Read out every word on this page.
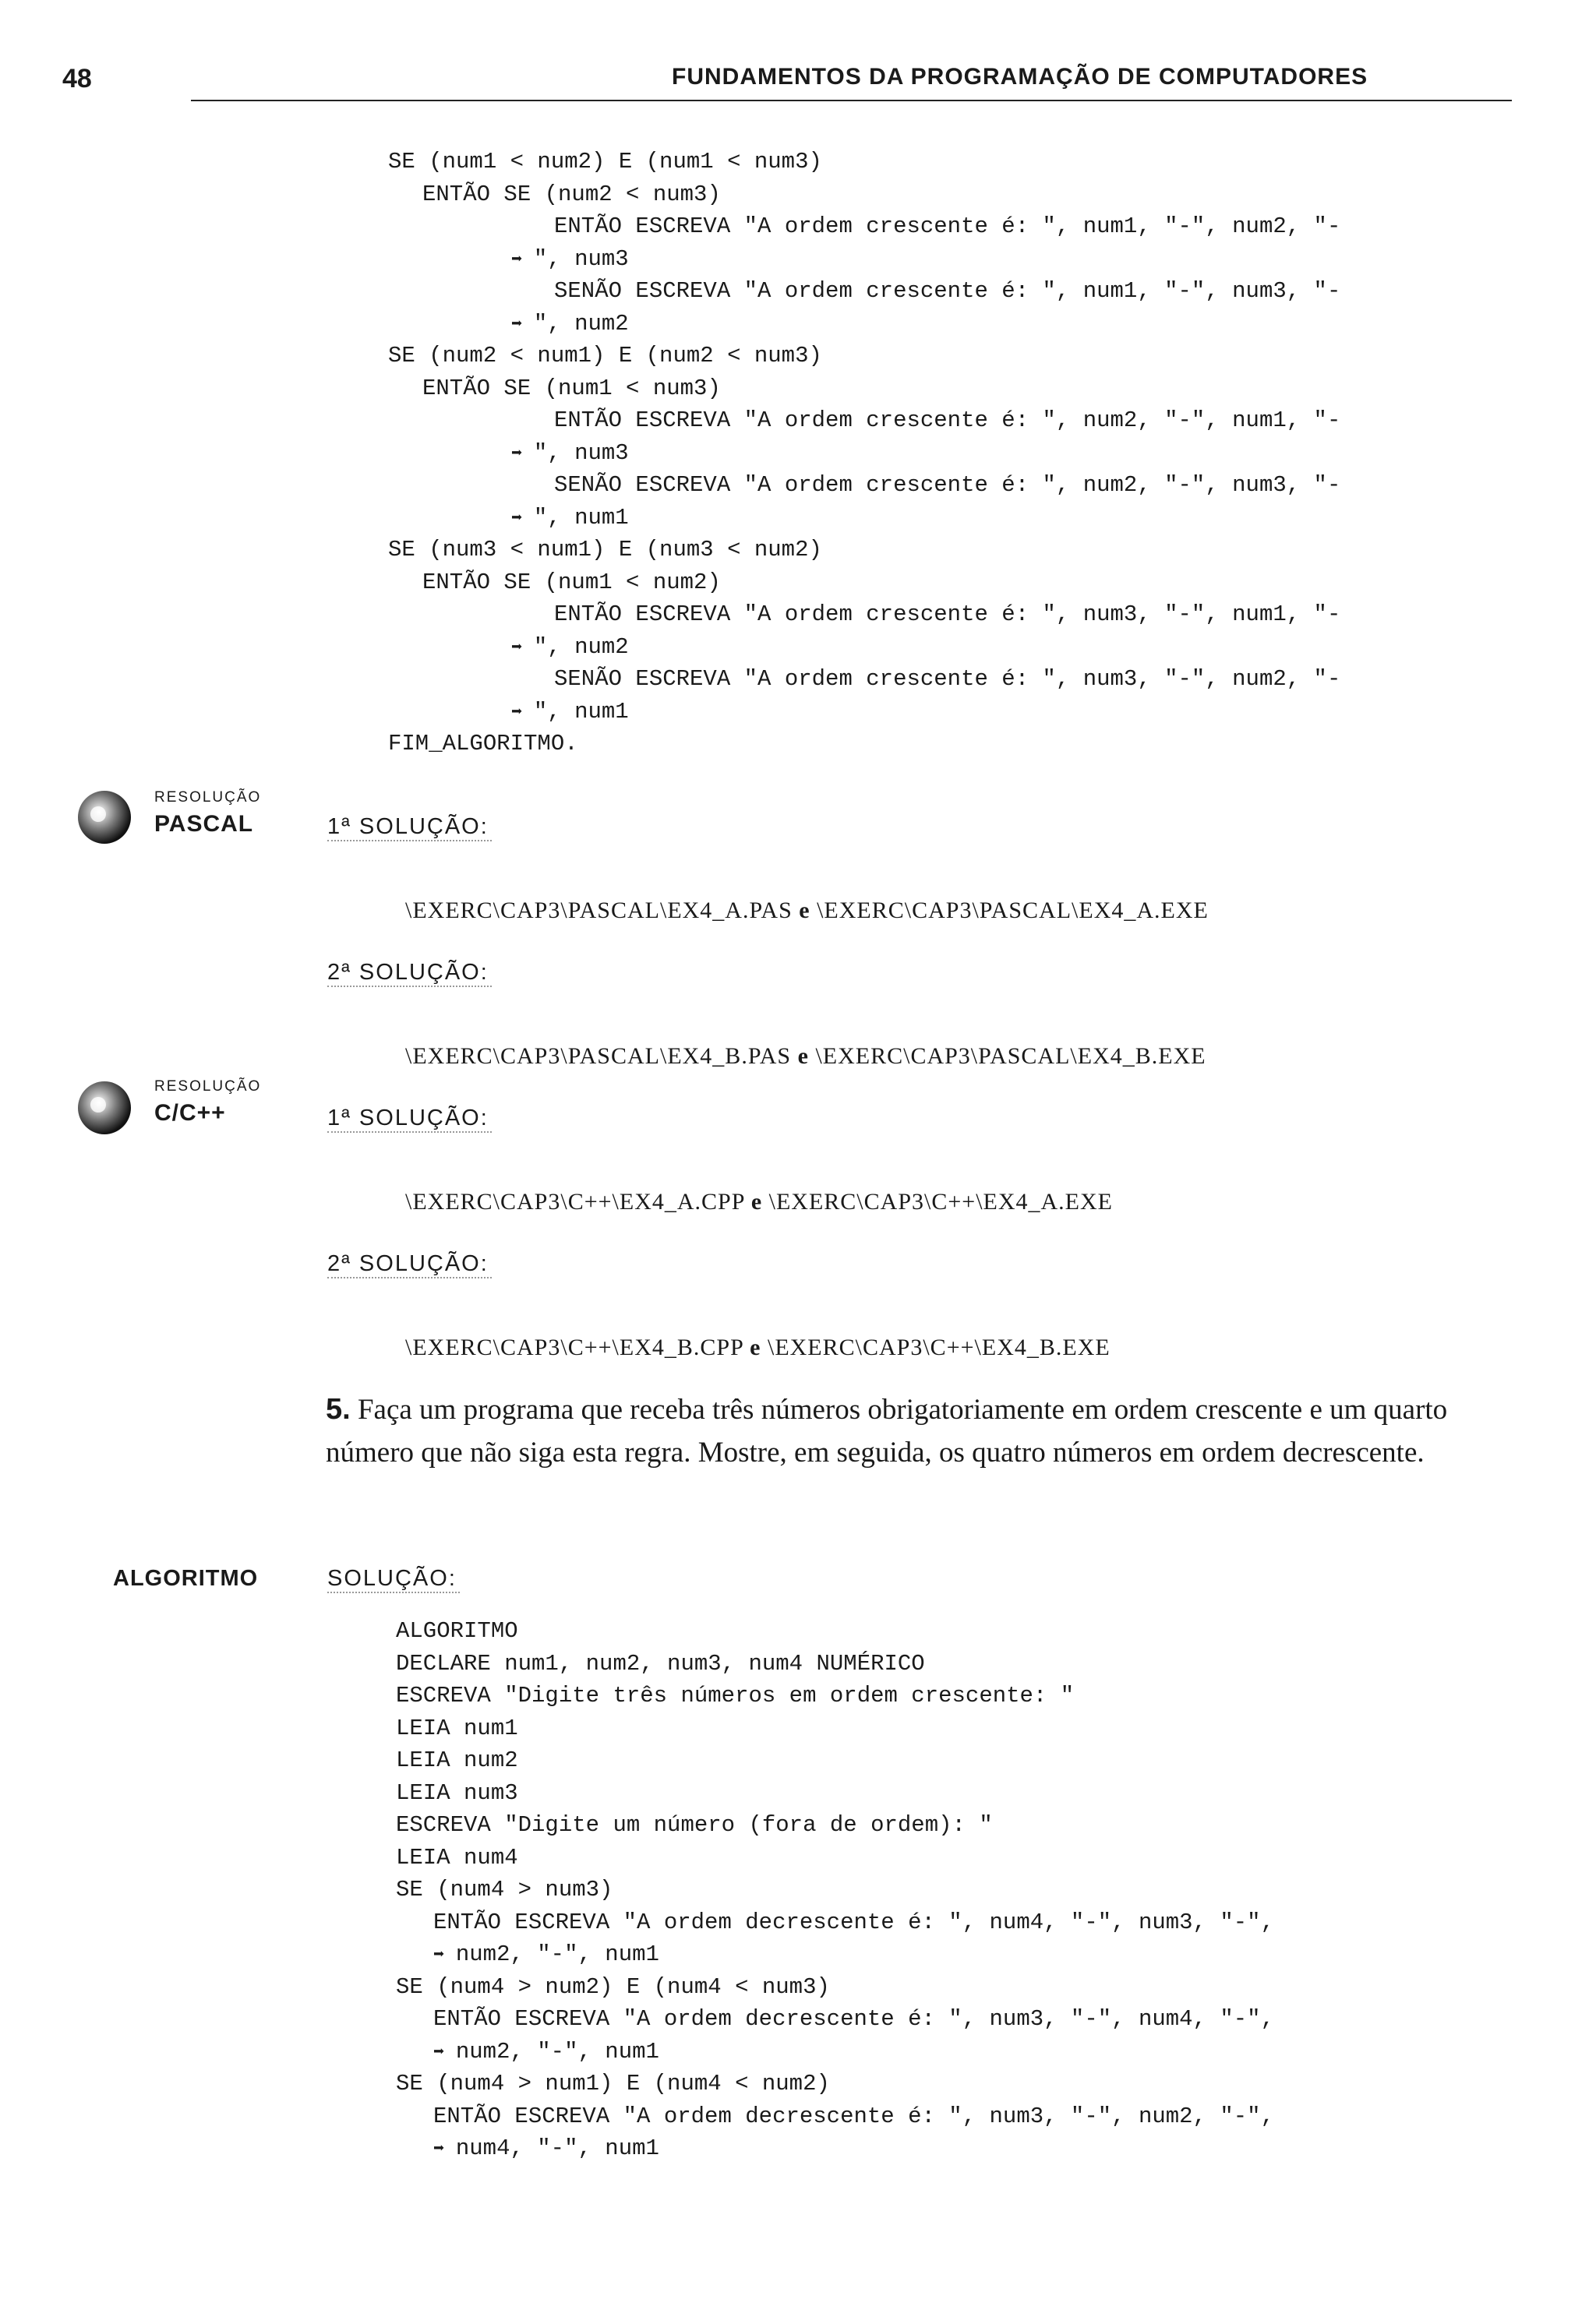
48	FUNDAMENTOS DA PROGRAMAÇÃO DE COMPUTADORES
SE (num1 < num2) E (num1 < num3)
ENTÃO SE (num2 < num3)
ENTÃO ESCREVA "A ordem crescente é: ", num1, "-", num2, "-
➡ ", num3
SENÃO ESCREVA "A ordem crescente é: ", num1, "-", num3, "-
➡ ", num2
SE (num2 < num1) E (num2 < num3)
ENTÃO SE (num1 < num3)
ENTÃO ESCREVA "A ordem crescente é: ", num2, "-", num1, "-
➡ ", num3
SENÃO ESCREVA "A ordem crescente é: ", num2, "-", num3, "-
➡ ", num1
SE (num3 < num1) E (num3 < num2)
ENTÃO SE (num1 < num2)
ENTÃO ESCREVA "A ordem crescente é: ", num3, "-", num1, "-
➡ ", num2
SENÃO ESCREVA "A ordem crescente é: ", num3, "-", num2, "-
➡ ", num1
FIM_ALGORITMO.

RESOLUÇÃO

PASCAL	1ª SOLUÇÃO:

\EXERC\CAP3\PASCAL\EX4_A.PAS e \EXERC\CAP3\PASCAL\EX4_A.EXE

2ª SOLUÇÃO:

\EXERC\CAP3\PASCAL\EX4_B.PAS e \EXERC\CAP3\PASCAL\EX4_B.EXE

RESOLUÇÃO

C/C++	1ª SOLUÇÃO:

\EXERC\CAP3\C++\EX4_A.CPP e \EXERC\CAP3\C++\EX4_A.EXE

2ª SOLUÇÃO:

\EXERC\CAP3\C++\EX4_B.CPP e \EXERC\CAP3\C++\EX4_B.EXE

5. Faça um programa que receba três números obrigatoriamente em ordem crescente e um quarto número que não siga esta regra. Mostre, em seguida, os quatro números em ordem decrescente.
ALGORITMO	SOLUÇÃO:
ALGORITMO
DECLARE num1, num2, num3, num4 NUMÉRICO
ESCREVA "Digite três números em ordem crescente: "
LEIA num1
LEIA num2
LEIA num3
ESCREVA "Digite um número (fora de ordem): "
LEIA num4
SE (num4 > num3)
ENTÃO ESCREVA "A ordem decrescente é: ", num4, "-", num3, "-",
➡ num2, "-", num1
SE (num4 > num2) E (num4 < num3)
ENTÃO ESCREVA "A ordem decrescente é: ", num3, "-", num4, "-",
➡ num2, "-", num1
SE (num4 > num1) E (num4 < num2)
ENTÃO ESCREVA "A ordem decrescente é: ", num3, "-", num2, "-",
➡ num4, "-", num1
